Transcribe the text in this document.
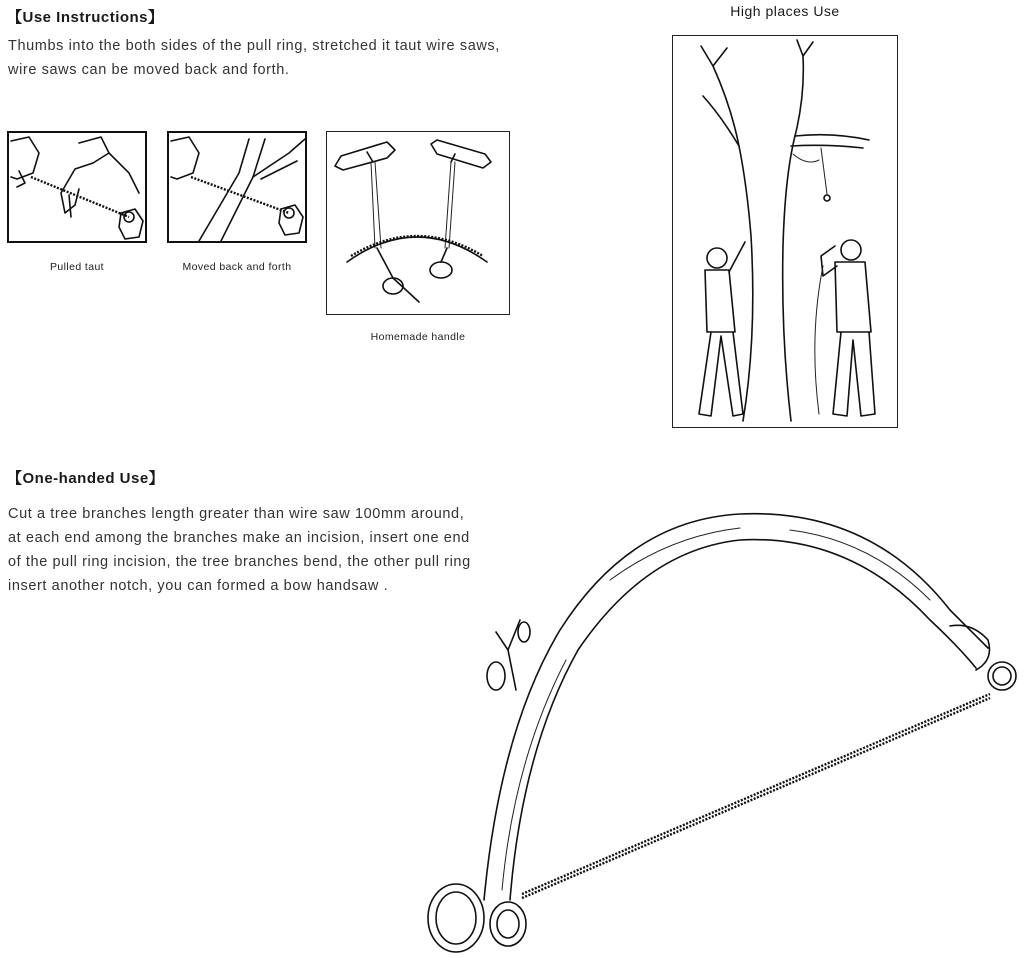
【Use Instructions】
Thumbs into the both sides of the pull ring, stretched it taut wire saws,
wire saws can be moved back and forth.
Pulled taut	Moved back and forth
Homemade handle
High places Use
【One-handed Use】
Cut a tree branches length greater than wire saw 100mm around,
at each end among the branches make an incision, insert one end
of the pull ring incision, the tree branches bend, the other pull ring
insert another notch, you can formed a bow handsaw .
